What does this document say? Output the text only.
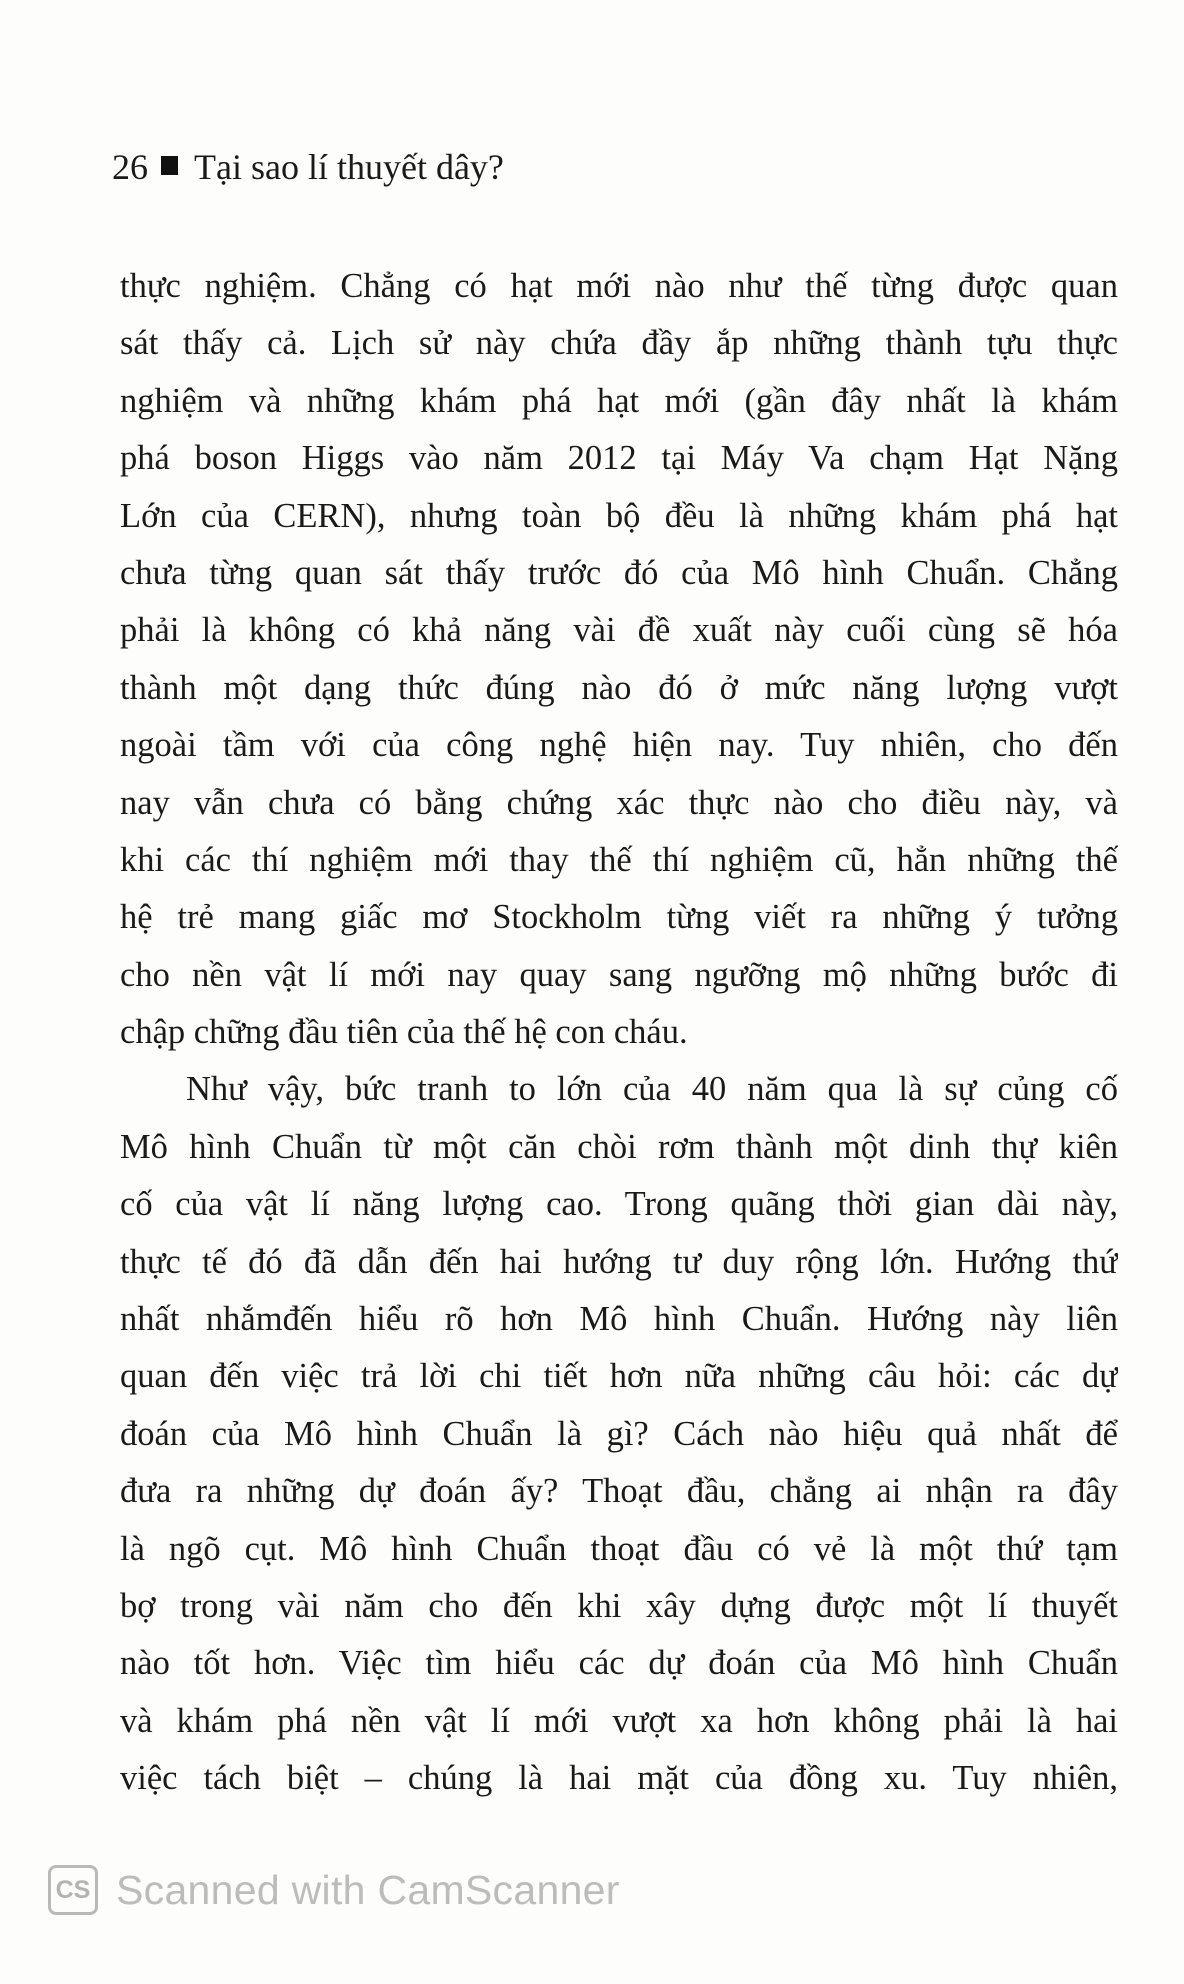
26 Tại sao lí thuyết dây?
thực nghiệm. Chẳng có hạt mới nào như thế từng được quan
sát thấy cả. Lịch sử này chứa đầy ắp những thành tựu thực
nghiệm và những khám phá hạt mới (gần đây nhất là khám
phá boson Higgs vào năm 2012 tại Máy Va chạm Hạt Nặng
Lớn của CERN), nhưng toàn bộ đều là những khám phá hạt
chưa từng quan sát thấy trước đó của Mô hình Chuẩn. Chẳng
phải là không có khả năng vài đề xuất này cuối cùng sẽ hóa
thành một dạng thức đúng nào đó ở mức năng lượng vượt
ngoài tầm với của công nghệ hiện nay. Tuy nhiên, cho đến
nay vẫn chưa có bằng chứng xác thực nào cho điều này, và
khi các thí nghiệm mới thay thế thí nghiệm cũ, hẳn những thế
hệ trẻ mang giấc mơ Stockholm từng viết ra những ý tưởng
cho nền vật lí mới nay quay sang ngưỡng mộ những bước đi
chập chững đầu tiên của thế hệ con cháu.
Như vậy, bức tranh to lớn của 40 năm qua là sự củng cố
Mô hình Chuẩn từ một căn chòi rơm thành một dinh thự kiên
cố của vật lí năng lượng cao. Trong quãng thời gian dài này,
thực tế đó đã dẫn đến hai hướng tư duy rộng lớn. Hướng thứ
nhất nhắmđến hiểu rõ hơn Mô hình Chuẩn. Hướng này liên
quan đến việc trả lời chi tiết hơn nữa những câu hỏi: các dự
đoán của Mô hình Chuẩn là gì? Cách nào hiệu quả nhất để
đưa ra những dự đoán ấy? Thoạt đầu, chẳng ai nhận ra đây
là ngõ cụt. Mô hình Chuẩn thoạt đầu có vẻ là một thứ tạm
bợ trong vài năm cho đến khi xây dựng được một lí thuyết
nào tốt hơn. Việc tìm hiểu các dự đoán của Mô hình Chuẩn
và khám phá nền vật lí mới vượt xa hơn không phải là hai
việc tách biệt – chúng là hai mặt của đồng xu. Tuy nhiên,
CS Scanned with CamScanner
